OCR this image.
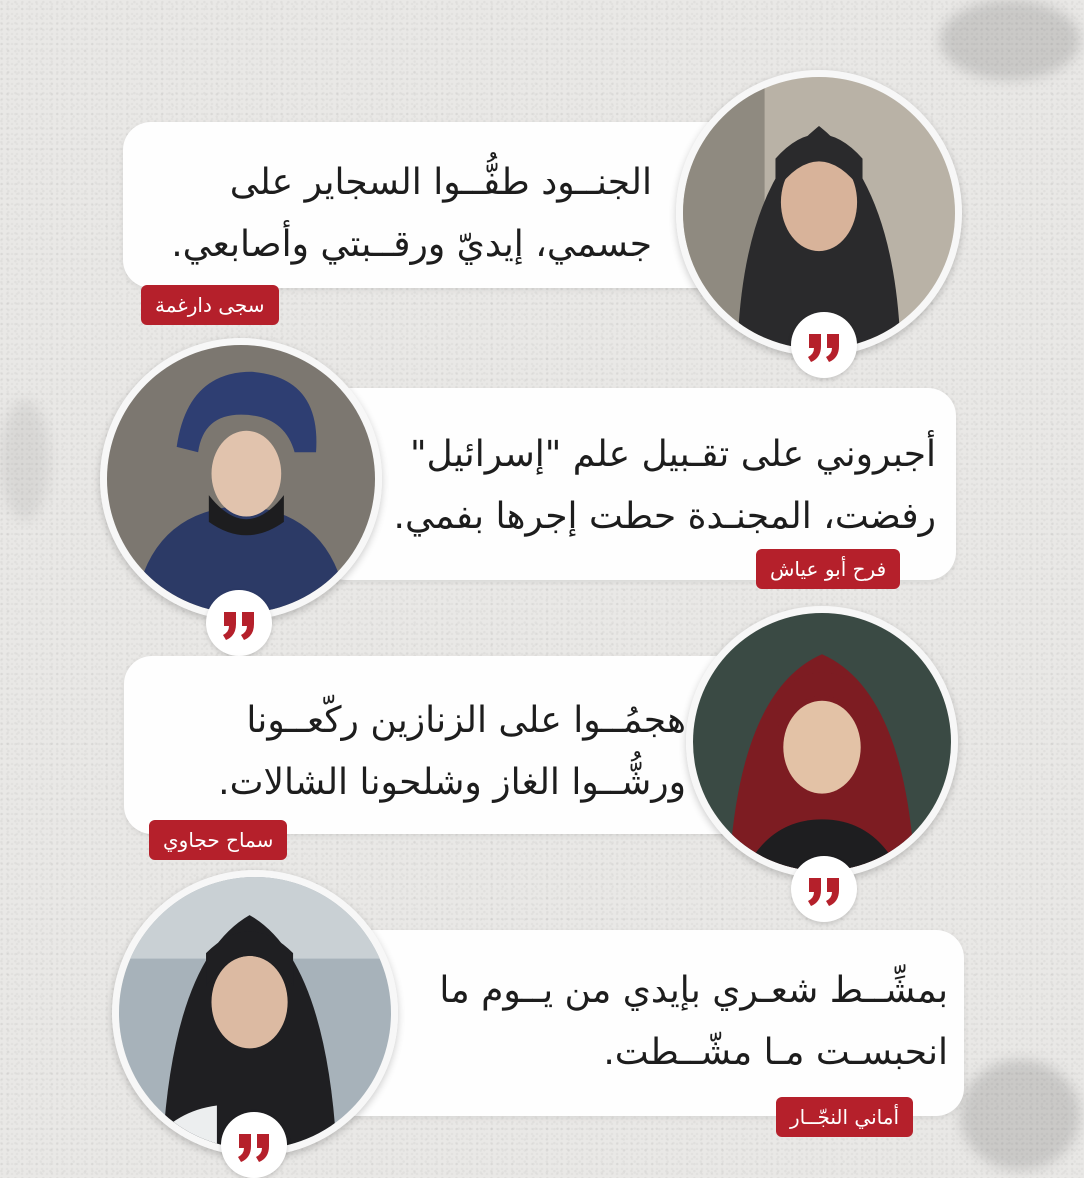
الجنــود طفُّــوا السجاير على
جسمي، إيديّ ورقــبتي وأصابعي.
سجى دارغمة
أجبروني على تقـبيل علم "إسرائيل"
رفضت، المجنـدة حطت إجرها بفمي.
فرح أبو عياش
هجمُــوا على الزنازين ركّعــونا
ورشُّــوا الغاز وشلحونا الشالات.
سماح حجاوي
بمشِّــط شعـري بإيدي من يــوم ما
انحبسـت مـا مشّــطت.
أماني النجّــار
